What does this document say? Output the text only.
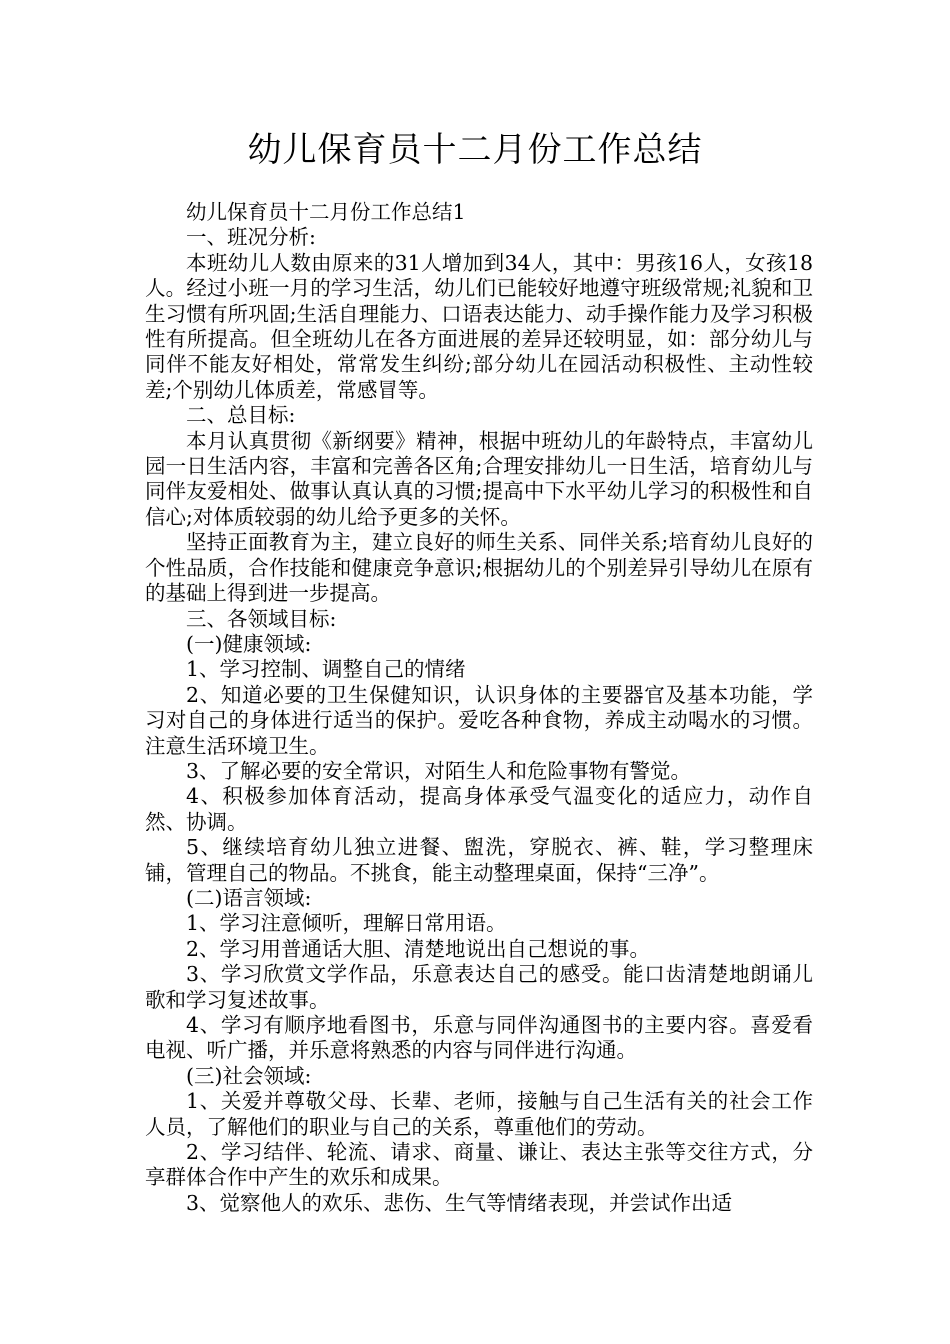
幼儿保育员十二月份工作总结

幼儿保育员十二月份工作总结1

一、班况分析:

本班幼儿人数由原来的31人增加到34人，其中：男孩16人，女孩18人。经过小班一月的学习生活，幼儿们已能较好地遵守班级常规;礼貌和卫生习惯有所巩固;生活自理能力、口语表达能力、动手操作能力及学习积极性有所提高。但全班幼儿在各方面进展的差异还较明显，如：部分幼儿与同伴不能友好相处，常常发生纠纷;部分幼儿在园活动积极性、主动性较差;个别幼儿体质差，常感冒等。

二、总目标:

本月认真贯彻《新纲要》精神，根据中班幼儿的年龄特点，丰富幼儿园一日生活内容，丰富和完善各区角;合理安排幼儿一日生活，培育幼儿与同伴友爱相处、做事认真认真的习惯;提高中下水平幼儿学习的积极性和自信心;对体质较弱的幼儿给予更多的关怀。

坚持正面教育为主，建立良好的师生关系、同伴关系;培育幼儿良好的个性品质，合作技能和健康竞争意识;根据幼儿的个别差异引导幼儿在原有的基础上得到进一步提高。

三、各领域目标:

(一)健康领域:

1、学习控制、调整自己的情绪

2、知道必要的卫生保健知识，认识身体的主要器官及基本功能，学习对自己的身体进行适当的保护。爱吃各种食物，养成主动喝水的习惯。注意生活环境卫生。

3、了解必要的安全常识，对陌生人和危险事物有警觉。

4、积极参加体育活动，提高身体承受气温变化的适应力，动作自然、协调。

5、继续培育幼儿独立进餐、盥洗，穿脱衣、裤、鞋，学习整理床铺，管理自己的物品。不挑食，能主动整理桌面，保持“三净”。

(二)语言领域:

1、学习注意倾听，理解日常用语。

2、学习用普通话大胆、清楚地说出自己想说的事。

3、学习欣赏文学作品，乐意表达自己的感受。能口齿清楚地朗诵儿歌和学习复述故事。

4、学习有顺序地看图书，乐意与同伴沟通图书的主要内容。喜爱看电视、听广播，并乐意将熟悉的内容与同伴进行沟通。

(三)社会领域:

1、关爱并尊敬父母、长辈、老师，接触与自己生活有关的社会工作人员，了解他们的职业与自己的关系，尊重他们的劳动。

2、学习结伴、轮流、请求、商量、谦让、表达主张等交往方式，分享群体合作中产生的欢乐和成果。

3、觉察他人的欢乐、悲伤、生气等情绪表现，并尝试作出适
